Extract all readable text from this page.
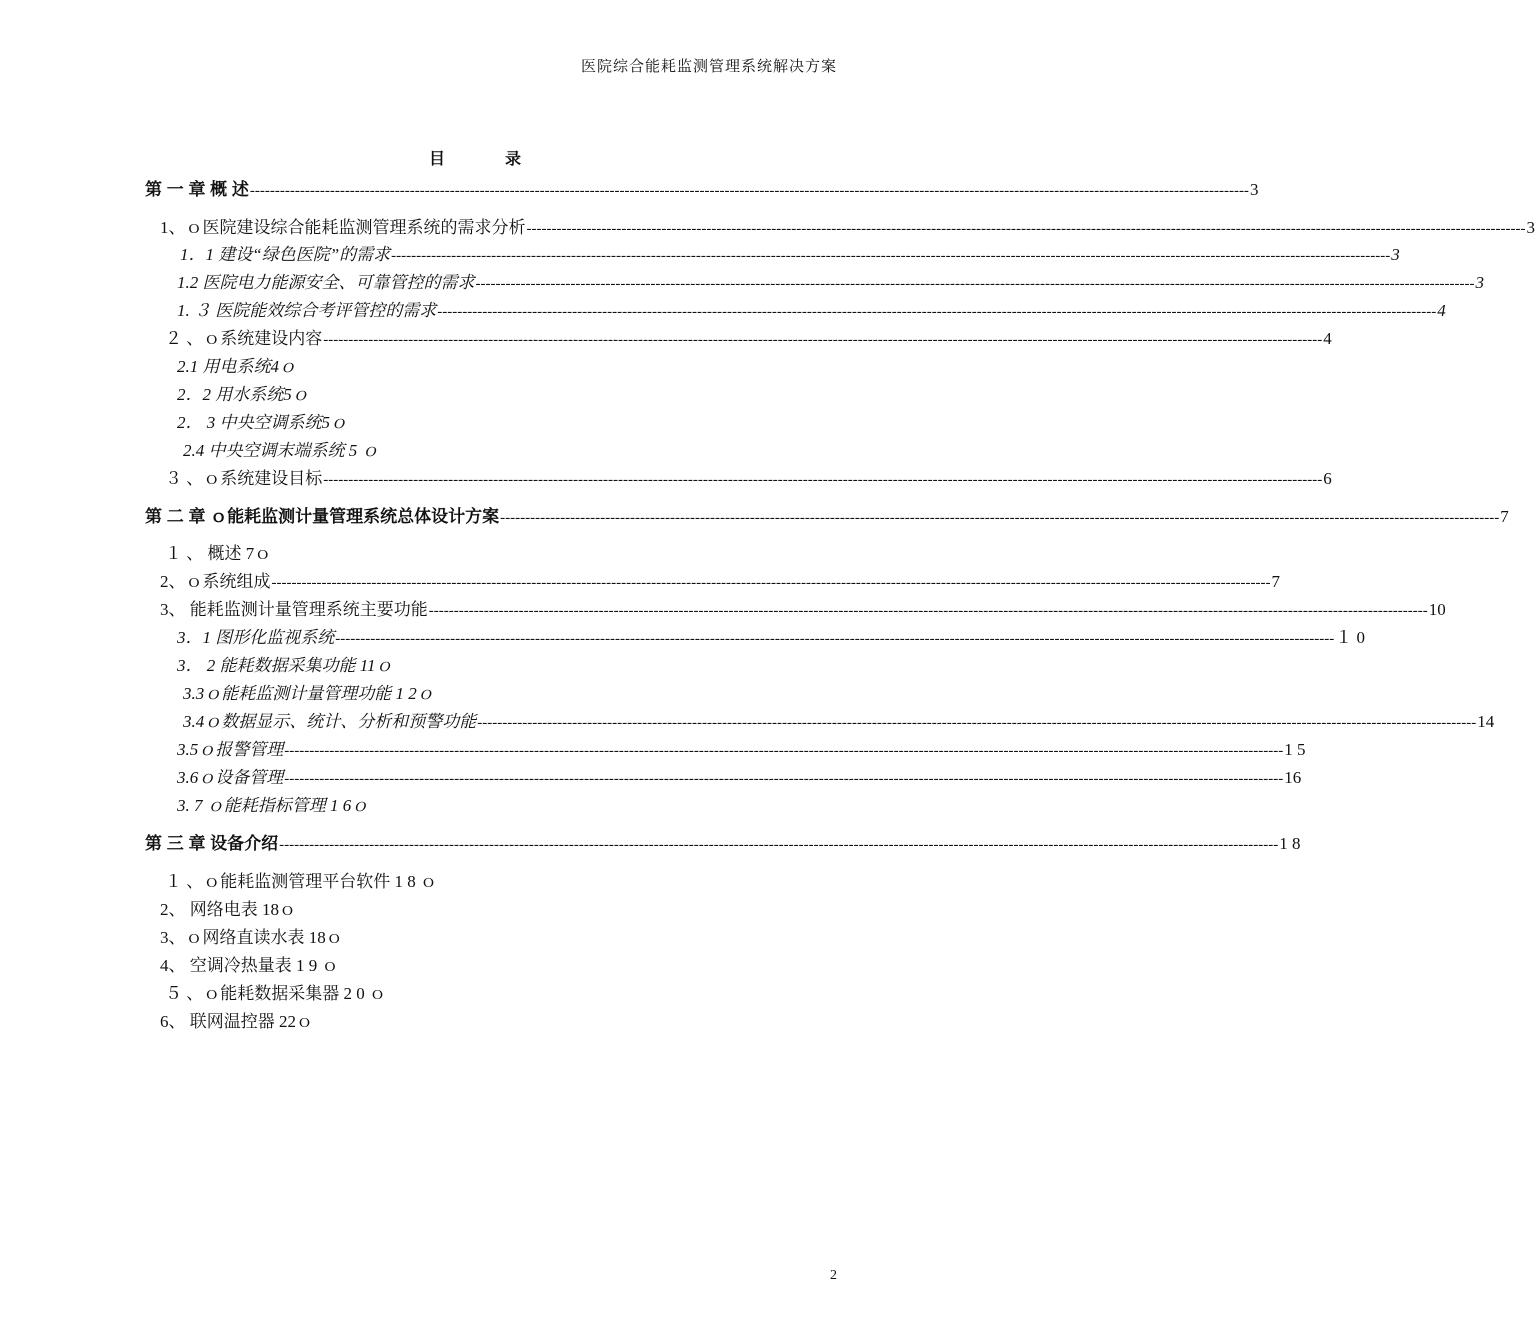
医院综合能耗监测管理系统解决方案
目	录
第 一 章 概 述 -------------------------------------------------------------------------------------------------------------------------------------------------------------------------------------------------------- 3
1、ｏ医院建设综合能耗监测管理系统的需求分析 -------------------------------------------------------------------------------------------------------------------------------------------------------------------------------------------------------- 3
1．1 建设“绿色医院”的需求 -------------------------------------------------------------------------------------------------------------------------------------------------------------------------------------------------------- 3
1.2 医院电力能源安全、可靠管控的需求 -------------------------------------------------------------------------------------------------------------------------------------------------------------------------------------------------------- 3
1. ３ 医院能效综合考评管控的需求 -------------------------------------------------------------------------------------------------------------------------------------------------------------------------------------------------------- 4
２ 、ｏ系统建设内容 -------------------------------------------------------------------------------------------------------------------------------------------------------------------------------------------------------- 4
2.1 用电系统4ｏ
2．2 用水系统5ｏ
2． 3 中央空调系统5ｏ
2.4 中央空调末端系统 5 ｏ
３ 、ｏ系统建设目标 -------------------------------------------------------------------------------------------------------------------------------------------------------------------------------------------------------- 6
第 二 章 ｏ能耗监测计量管理系统总体设计方案 -------------------------------------------------------------------------------------------------------------------------------------------------------------------------------------------------------- 7
１ 、 概述 7ｏ
2、ｏ系统组成 -------------------------------------------------------------------------------------------------------------------------------------------------------------------------------------------------------- 7
3、 能耗监测计量管理系统主要功能 -------------------------------------------------------------------------------------------------------------------------------------------------------------------------------------------------------- 10
3．1 图形化监视系统 -------------------------------------------------------------------------------------------------------------------------------------------------------------------------------------------------------- １ 0
3． 2 能耗数据采集功能 11ｏ
3.3ｏ能耗监测计量管理功能 1 2ｏ
3.4ｏ数据显示、统计、分析和预警功能 -------------------------------------------------------------------------------------------------------------------------------------------------------------------------------------------------------- 14
3.5ｏ报警管理 -------------------------------------------------------------------------------------------------------------------------------------------------------------------------------------------------------- 1 5
3.6ｏ设备管理 -------------------------------------------------------------------------------------------------------------------------------------------------------------------------------------------------------- 16
3. 7 ｏ能耗指标管理 1 6ｏ
第 三 章 设备介绍 -------------------------------------------------------------------------------------------------------------------------------------------------------------------------------------------------------- 1 8
１ 、ｏ能耗监测管理平台软件 1 8 ｏ
2、 网络电表 18ｏ
3、ｏ网络直读水表 18ｏ
4、 空调冷热量表 1 9 ｏ
５ 、ｏ能耗数据采集器 2 0 ｏ
6、 联网温控器 22ｏ
2
